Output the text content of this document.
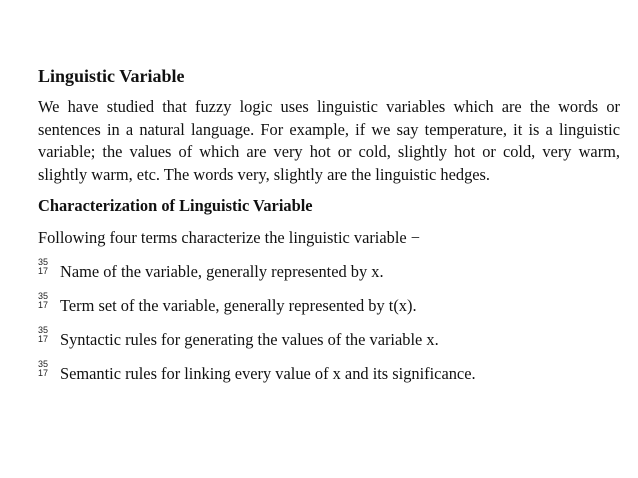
Linguistic Variable

We have studied that fuzzy logic uses linguistic variables which are the words or sentences in a natural language. For example, if we say temperature, it is a linguistic variable; the values of which are very hot or cold, slightly hot or cold, very warm, slightly warm, etc. The words very, slightly are the linguistic hedges.

Characterization of Linguistic Variable
Following four terms characterize the linguistic variable −
35
17 Name of the variable, generally represented by x.
35
17 Term set of the variable, generally represented by t(x).
35
17 Syntactic rules for generating the values of the variable x.
35
17 Semantic rules for linking every value of x and its significance.
